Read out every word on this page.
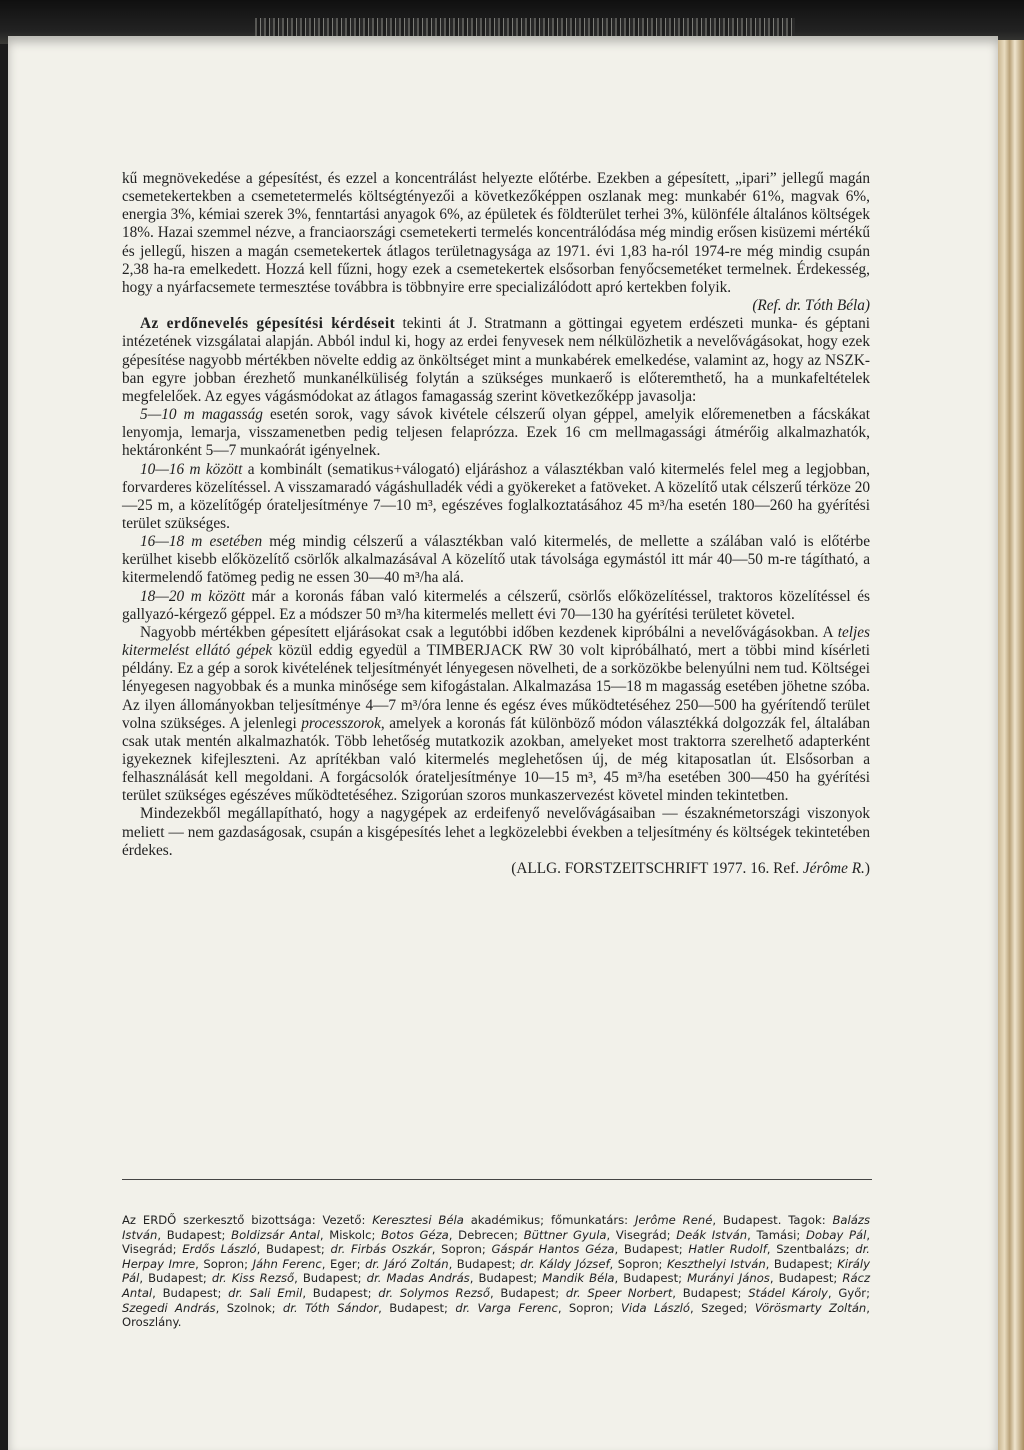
kű megnövekedése a gépesítést, és ezzel a koncentrálást helyezte előtérbe. Ezekben a gépesített, „ipari” jellegű magán csemetekertekben a csemetetermelés költségtényezői a következőképpen oszlanak meg: munkabér 61%, magvak 6%, energia 3%, kémiai szerek 3%, fenntartási anyagok 6%, az épületek és földterület terhei 3%, különféle általános költségek 18%. Hazai szemmel nézve, a franciaországi csemetekerti termelés koncentrálódása még mindig erősen kisüzemi mértékű és jellegű, hiszen a magán csemetekertek átlagos területnagysága az 1971. évi 1,83 ha-ról 1974-re még mindig csupán 2,38 ha-ra emelkedett. Hozzá kell fűzni, hogy ezek a csemetekertek elsősorban fenyőcsemetéket termelnek. Érdekesség, hogy a nyárfacsemete termesztése továbbra is többnyire erre specializálódott apró kertekben folyik.

(Ref. dr. Tóth Béla)

Az erdőnevelés gépesítési kérdéseit tekinti át J. Stratmann a göttingai egyetem erdészeti munka- és géptani intézetének vizsgálatai alapján. Abból indul ki, hogy az erdei fenyvesek nem nélkülözhetik a nevelővágásokat, hogy ezek gépesítése nagyobb mértékben növelte eddig az önköltséget mint a munkabérek emelkedése, valamint az, hogy az NSZK-ban egyre jobban érezhető munkanélküliség folytán a szükséges munkaerő is előteremthető, ha a munkafeltételek megfelelőek. Az egyes vágásmódokat az átlagos famagasság szerint következőképp javasolja:

5—10 m magasság esetén sorok, vagy sávok kivétele célszerű olyan géppel, amelyik előremenetben a fácskákat lenyomja, lemarja, visszamenetben pedig teljesen felaprózza. Ezek 16 cm mellmagassági átmérőig alkalmazhatók, hektáronként 5—7 munkaórát igényelnek.

10—16 m között a kombinált (sematikus+válogató) eljáráshoz a választékban való kitermelés felel meg a legjobban, forvarderes közelítéssel. A visszamaradó vágáshulladék védi a gyökereket a fatöveket. A közelítő utak célszerű térköze 20—25 m, a közelítőgép órateljesítménye 7—10 m³, egészéves foglalkoztatásához 45 m³/ha esetén 180—260 ha gyérítési terület szükséges.

16—18 m esetében még mindig célszerű a választékban való kitermelés, de mellette a szálában való is előtérbe kerülhet kisebb előközelítő csörlők alkalmazásával A közelítő utak távolsága egymástól itt már 40—50 m-re tágítható, a kitermelendő fatömeg pedig ne essen 30—40 m³/ha alá.

18—20 m között már a koronás fában való kitermelés a célszerű, csörlős előközelítéssel, traktoros közelítéssel és gallyazó-kérgező géppel. Ez a módszer 50 m³/ha kitermelés mellett évi 70—130 ha gyérítési területet követel.

Nagyobb mértékben gépesített eljárásokat csak a legutóbbi időben kezdenek kipróbálni a nevelővágásokban. A teljes kitermelést ellátó gépek közül eddig egyedül a TIMBERJACK RW 30 volt kipróbálható, mert a többi mind kísérleti példány. Ez a gép a sorok kivételének teljesítményét lényegesen növelheti, de a sorközökbe belenyúlni nem tud. Költségei lényegesen nagyobbak és a munka minősége sem kifogástalan. Alkalmazása 15—18 m magasság esetében jöhetne szóba. Az ilyen állományokban teljesítménye 4—7 m³/óra lenne és egész éves működtetéséhez 250—500 ha gyérítendő terület volna szükséges. A jelenlegi processzorok, amelyek a koronás fát különböző módon választékká dolgozzák fel, általában csak utak mentén alkalmazhatók. Több lehetőség mutatkozik azokban, amelyeket most traktorra szerelhető adapterként igyekeznek kifejleszteni. Az aprítékban való kitermelés meglehetősen új, de még kitaposatlan út. Elsősorban a felhasználását kell megoldani. A forgácsolók órateljesítménye 10—15 m³, 45 m³/ha esetében 300—450 ha gyérítési terület szükséges egészéves működtetéséhez. Szigorúan szoros munkaszervezést követel minden tekintetben.

Mindezekből megállapítható, hogy a nagygépek az erdeifenyő nevelővágásaiban — északnémetországi viszonyok meliett — nem gazdaságosak, csupán a kisgépesítés lehet a legközelebbi években a teljesítmény és költségek tekintetében érdekes.

(ALLG. FORSTZEITSCHRIFT 1977. 16. Ref. Jérôme R.)

Az ERDŐ szerkesztő bizottsága: Vezető: Keresztesi Béla akadémikus; főmunkatárs: Jerôme René, Budapest. Tagok: Balázs István, Budapest; Boldizsár Antal, Miskolc; Botos Géza, Debrecen; Büttner Gyula, Visegrád; Deák István, Tamási; Dobay Pál, Visegrád; Erdős László, Budapest; dr. Firbás Oszkár, Sopron; Gáspár Hantos Géza, Budapest; Hatler Rudolf, Szentbalázs; dr. Herpay Imre, Sopron; Jáhn Ferenc, Eger; dr. Járó Zoltán, Budapest; dr. Káldy József, Sopron; Keszthelyi István, Budapest; Király Pál, Budapest; dr. Kiss Rezső, Budapest; dr. Madas András, Budapest; Mandik Béla, Budapest; Murányi János, Budapest; Rácz Antal, Budapest; dr. Sali Emil, Budapest; dr. Solymos Rezső, Budapest; dr. Speer Norbert, Budapest; Stádel Károly, Győr; Szegedi András, Szolnok; dr. Tóth Sándor, Budapest; dr. Varga Ferenc, Sopron; Vida László, Szeged; Vörösmarty Zoltán, Oroszlány.
